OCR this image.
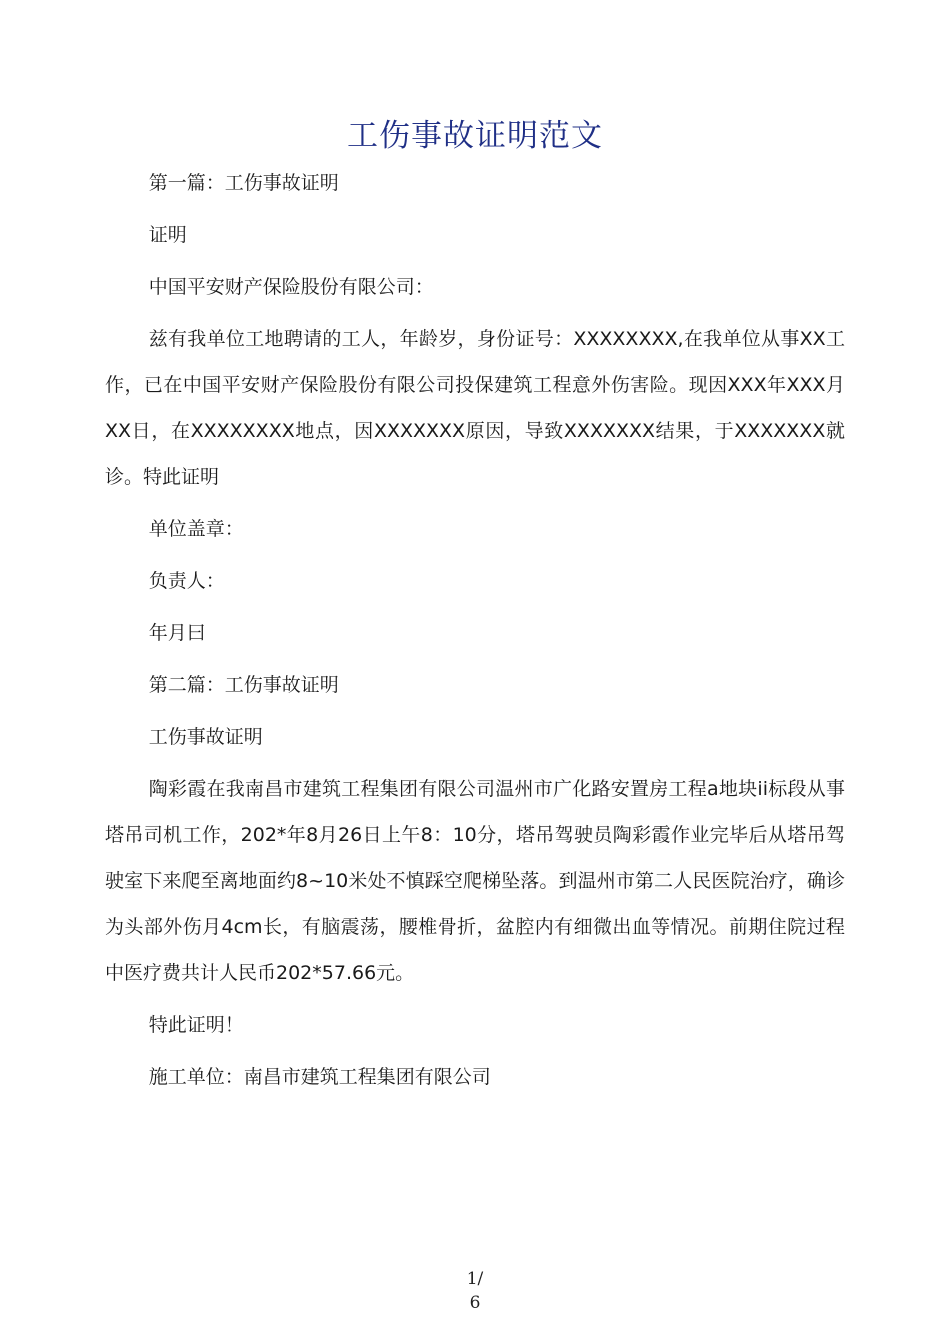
工伤事故证明范文

第一篇：工伤事故证明

证明

中国平安财产保险股份有限公司：

兹有我单位工地聘请的工人，年龄岁，身份证号：XXXXXXXX,在我单位从事XX工作，已在中国平安财产保险股份有限公司投保建筑工程意外伤害险。现因XXX年XXX月XX日，在XXXXXXXX地点，因XXXXXXX原因，导致XXXXXXX结果，于XXXXXXX就诊。特此证明

单位盖章：

负责人：

年月曰

第二篇：工伤事故证明

工伤事故证明

陶彩霞在我南昌市建筑工程集团有限公司温州市广化路安置房工程a地块ii标段从事塔吊司机工作，202*年8月26日上午8：10分，塔吊驾驶员陶彩霞作业完毕后从塔吊驾驶室下来爬至离地面约8~10米处不慎踩空爬梯坠落。到温州市第二人民医院治疗，确诊为头部外伤月4cm长，有脑震荡，腰椎骨折，盆腔内有细微出血等情况。前期住院过程中医疗费共计人民币202*57.66元。

特此证明！

施工单位：南昌市建筑工程集团有限公司

1/
6
